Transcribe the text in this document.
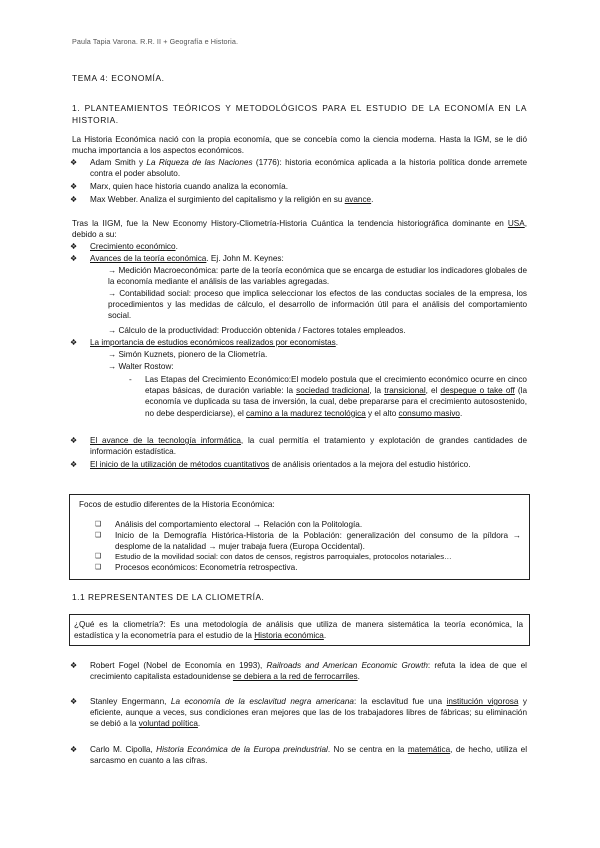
Paula Tapia Varona. R.R. II + Geografía e Historia.
TEMA 4: ECONOMÍA.
1. PLANTEAMIENTOS TEÓRICOS Y METODOLÓGICOS PARA EL ESTUDIO DE LA ECONOMÍA EN LA HISTORIA.
La Historia Económica nació con la propia economía, que se concebía como la ciencia moderna. Hasta la IGM, se le dió mucha importancia a los aspectos económicos.
❖ Adam Smith y La Riqueza de las Naciones (1776): historia económica aplicada a la historia política donde arremete contra el poder absoluto.
❖ Marx, quien hace historia cuando analiza la economía.
❖ Max Webber. Analiza el surgimiento del capitalismo y la religión en su avance.
Tras la IIGM, fue la New Economy History-Cliometría-Historia Cuántica la tendencia historiográfica dominante en USA, debido a su:
❖ Crecimiento económico.
❖ Avances de la teoría económica. Ej. John M. Keynes:
→ Medición Macroeconómica: parte de la teoría económica que se encarga de estudiar los indicadores globales de la economía mediante el análisis de las variables agregadas.
→ Contabilidad social: proceso que implica seleccionar los efectos de las conductas sociales de la empresa, los procedimientos y las medidas de cálculo, el desarrollo de información útil para el análisis del comportamiento social.
→ Cálculo de la productividad: Producción obtenida / Factores totales empleados.
❖ La importancia de estudios económicos realizados por economistas.
→ Simón Kuznets, pionero de la Cliometría.
→ Walter Rostow:
- Las Etapas del Crecimiento Económico:El modelo postula que el crecimiento económico ocurre en cinco etapas básicas, de duración variable: la sociedad tradicional, la transicional, el despegue o take off (la economía ve duplicada su tasa de inversión, la cual, debe prepararse para el crecimiento autosostenido, no debe desperdiciarse), el camino a la madurez tecnológica y el alto consumo masivo.
❖ El avance de la tecnología informática, la cual permitía el tratamiento y explotación de grandes cantidades de información estadística.
❖ El inicio de la utilización de métodos cuantitativos de análisis orientados a la mejora del estudio histórico.
Focos de estudio diferentes de la Historia Económica:
❑ Análisis del comportamiento electoral → Relación con la Politología.
❑ Inicio de la Demografía Histórica-Historia de la Población: generalización del consumo de la píldora → desplome de la natalidad → mujer trabaja fuera (Europa Occidental).
❑ Estudio de la movilidad social: con datos de censos, registros parroquiales, protocolos notariales…
❑ Procesos económicos: Econometría retrospectiva.
1.1 REPRESENTANTES DE LA CLIOMETRÍA.
¿Qué es la cliometría?: Es una metodología de análisis que utiliza de manera sistemática la teoría económica, la estadística y la econometría para el estudio de la Historia económica.
❖ Robert Fogel (Nobel de Economía en 1993), Railroads and American Economic Growth: refuta la idea de que el crecimiento capitalista estadounidense se debiera a la red de ferrocarriles.
❖ Stanley Engermann, La economía de la esclavitud negra americana: la esclavitud fue una institución vigorosa y eficiente, aunque a veces, sus condiciones eran mejores que las de los trabajadores libres de fábricas; su eliminación se debió a la voluntad política.
❖ Carlo M. Cipolla, Historia Económica de la Europa preindustrial. No se centra en la matemática, de hecho, utiliza el sarcasmo en cuanto a las cifras.
